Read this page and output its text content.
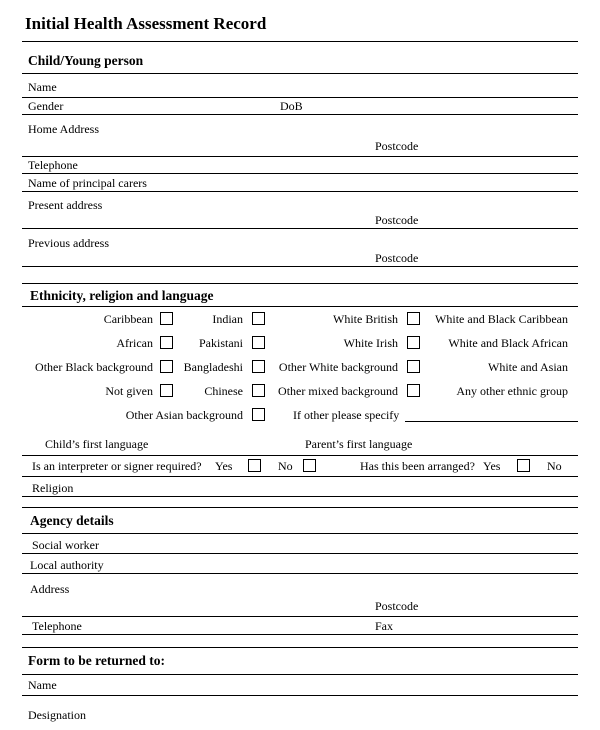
Initial Health Assessment Record
Child/Young person
Name
Gender	DoB
Home Address
Postcode
Telephone
Name of principal carers
Present address
Postcode
Previous address
Postcode
Ethnicity, religion and language
Caribbean	Indian	White British	White and Black Caribbean
African	Pakistani	White Irish	White and Black African
Other Black background	Bangladeshi	Other White background	White and Asian
Not given	Chinese	Other mixed background	Any other ethnic group
Other Asian background	If other please specify
Child’s first language	Parent’s first language
Is an interpreter or signer required? Yes	No	Has this been arranged? Yes	No
Religion
Agency details
Social worker
Local authority
Address
Postcode
Telephone	Fax
Form to be returned to:
Name
Designation
